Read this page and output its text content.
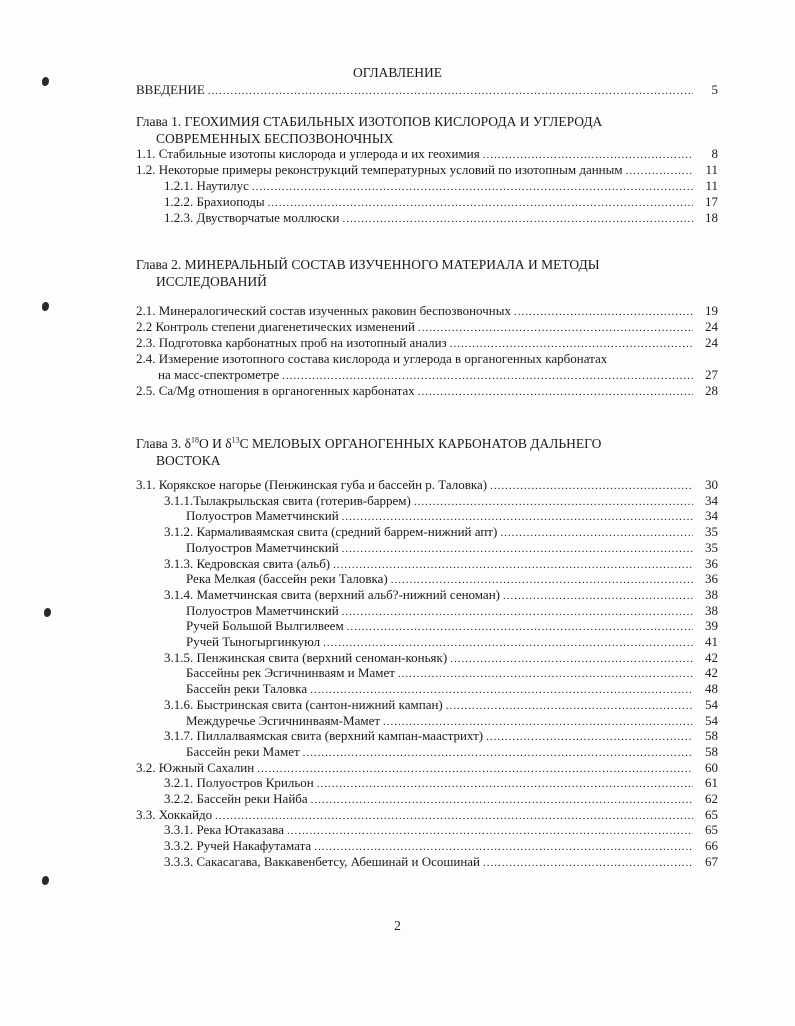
ОГЛАВЛЕНИЕ
ВВЕДЕНИЕ .....	5
Глава 1. ГЕОХИМИЯ СТАБИЛЬНЫХ ИЗОТОПОВ КИСЛОРОДА И УГЛЕРОДА
СОВРЕМЕННЫХ БЕСПОЗВОНОЧНЫХ
1.1. Стабильные изотопы кислорода и углерода и их геохимия .....	8
1.2. Некоторые примеры реконструкций температурных условий по изотопным данным .....	11
1.2.1. Наутилус .....	11
1.2.2. Брахиоподы .....	17
1.2.3. Двустворчатые моллюски .....	18
Глава 2. МИНЕРАЛЬНЫЙ СОСТАВ ИЗУЧЕННОГО МАТЕРИАЛА И МЕТОДЫ
ИССЛЕДОВАНИЙ
2.1. Минералогический состав изученных раковин беспозвоночных .....	19
2.2 Контроль степени диагенетических изменений .....	24
2.3. Подготовка карбонатных проб на изотопный анализ .....	24
2.4. Измерение изотопного состава кислорода и углерода в органогенных карбонатах
на масс-спектрометре .....	27
2.5. Ca/Mg отношения в органогенных карбонатах .....	28
Глава 3. $\delta^{18}O$ И $\delta^{13}C$ МЕЛОВЫХ ОРГАНОГЕННЫХ КАРБОНАТОВ ДАЛЬНЕГО
ВОСТОКА
3.1. Корякское нагорье (Пенжинская губа и бассейн р. Таловка) .....	30
3.1.1.Тылакрыльская свита (готерив-баррем) .....	34
Полуостров Маметчинский .....	34
3.1.2. Кармаливаямская свита (средний баррем-нижний апт) .....	35
Полуостров Маметчинский .....	35
3.1.3. Кедровская свита (альб) .....	36
Река Мелкая (бассейн реки Таловка) .....	36
3.1.4. Маметчинская свита (верхний альб?-нижний сеноман) .....	38
Полуостров Маметчинский .....	38
Ручей Большой Вылгилвеем .....	39
Ручей Тыногыргинкуюл .....	41
3.1.5. Пенжинская свита (верхний сеноман-коньяк) .....	42
Бассейны рек Эсгичнинваям и Мамет .....	42
Бассейн реки Таловка .....	48
3.1.6. Быстринская свита (сантон-нижний кампан) .....	54
Междуречье Эсгичнинваям-Мамет .....	54
3.1.7. Пиллалваямская свита (верхний кампан-маастрихт) .....	58
Бассейн реки Мамет .....	58
3.2. Южный Сахалин .....	60
3.2.1. Полуостров Крильон .....	61
3.2.2. Бассейн реки Найба .....	62
3.3. Хоккайдо .....	65
3.3.1. Река Ютаказава .....	65
3.3.2. Ручей Накафутамата .....	66
3.3.3. Сакасагава, Ваккавенбетсу, Абешинай и Осошинай .....	67
2
